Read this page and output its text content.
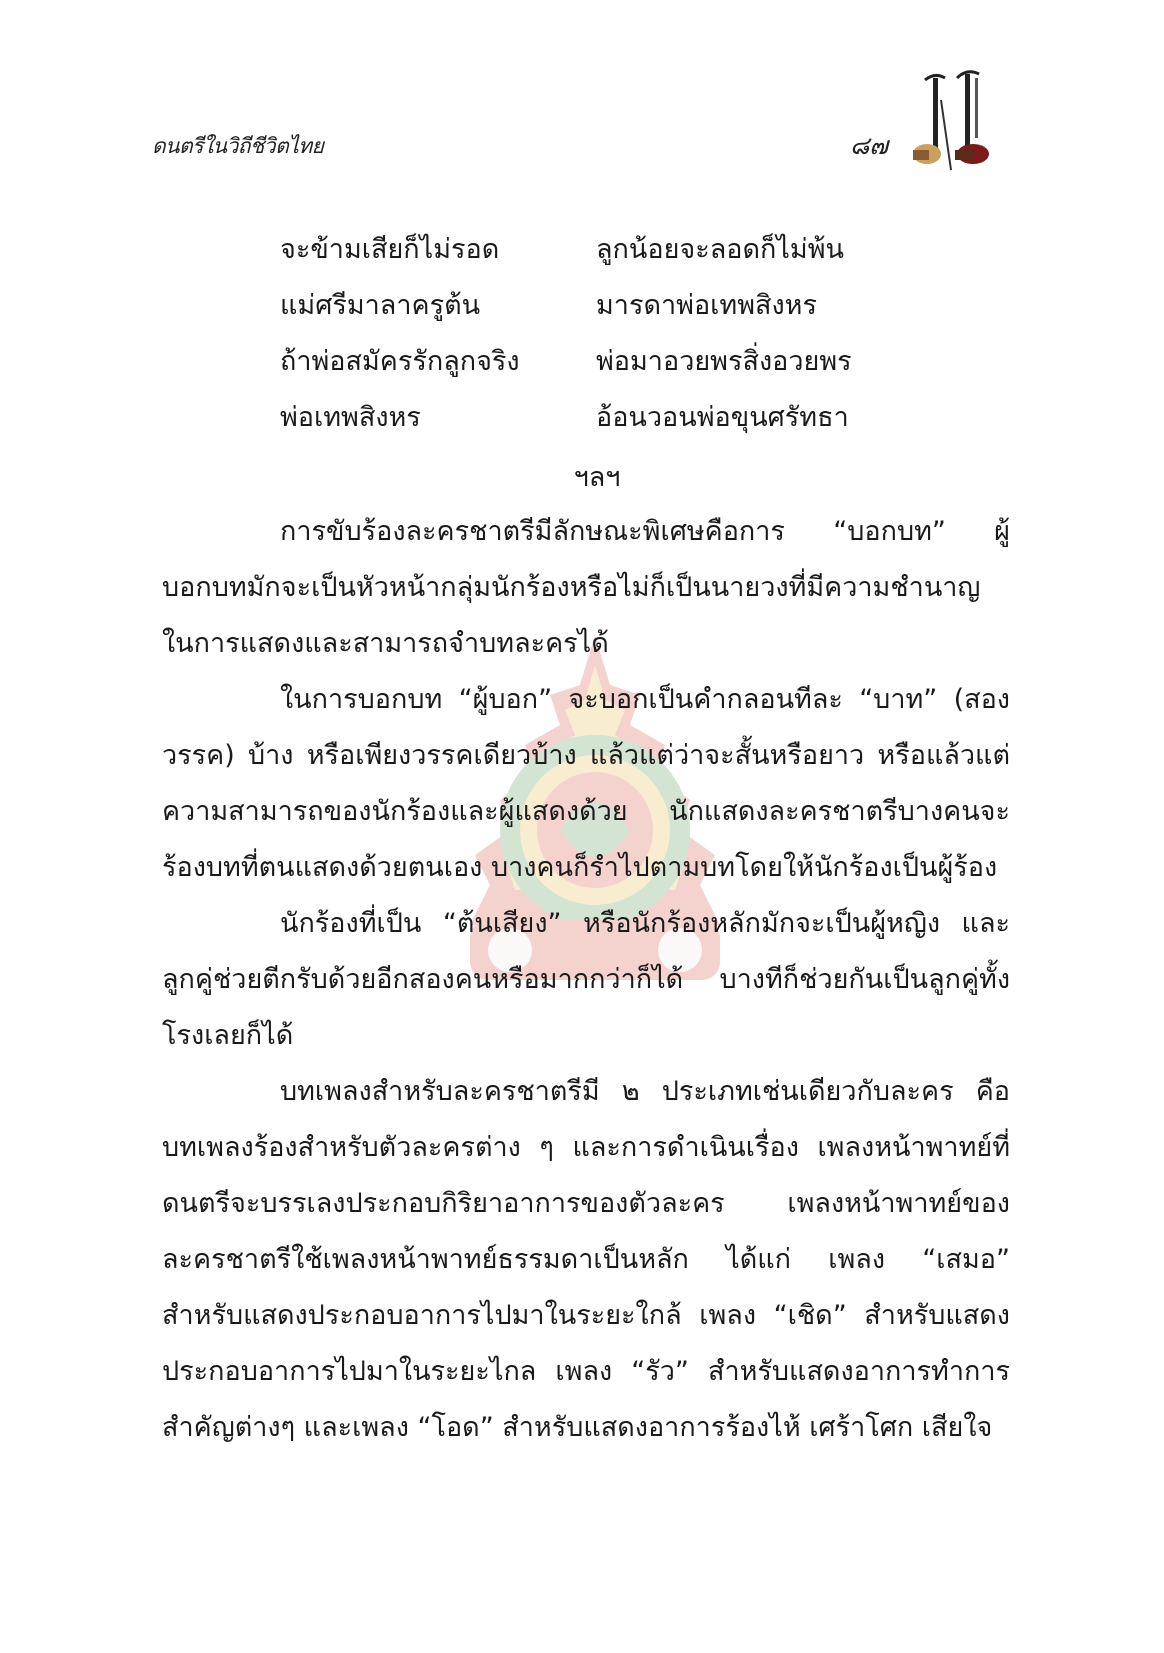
ดนตรีในวิถีชีวิตไทย	๘๗
จะข้ามเสียก็ไม่รอด	ลูกน้อยจะลอดก็ไม่พ้น
แม่ศรีมาลาครูต้น	มารดาพ่อเทพสิงหร
ถ้าพ่อสมัครรักลูกจริง	พ่อมาอวยพรสิ่งอวยพร
พ่อเทพสิงหร	อ้อนวอนพ่อขุนศรัทธา
ฯลฯ

การขับร้องละครชาตรีมีลักษณะพิเศษคือการ “บอกบท” ผู้บอกบทมักจะเป็นหัวหน้ากลุ่มนักร้องหรือไม่ก็เป็นนายวงที่มีความชำนาญในการแสดงและสามารถจำบทละครได้

ในการบอกบท “ผู้บอก” จะบอกเป็นคำกลอนทีละ “บาท” (สองวรรค) บ้าง หรือเพียงวรรคเดียวบ้าง แล้วแต่ว่าจะสั้นหรือยาว หรือแล้วแต่ความสามารถของนักร้องและผู้แสดงด้วย นักแสดงละครชาตรีบางคนจะร้องบทที่ตนแสดงด้วยตนเอง บางคนก็รำไปตามบทโดยให้นักร้องเป็นผู้ร้อง

นักร้องที่เป็น “ต้นเสียง” หรือนักร้องหลักมักจะเป็นผู้หญิง และลูกคู่ช่วยตีกรับด้วยอีกสองคนหรือมากกว่าก็ได้ บางทีก็ช่วยกันเป็นลูกคู่ทั้งโรงเลยก็ได้

บทเพลงสำหรับละครชาตรีมี ๒ ประเภทเช่นเดียวกับละคร คือบทเพลงร้องสำหรับตัวละครต่าง ๆ และการดำเนินเรื่อง เพลงหน้าพาทย์ที่ดนตรีจะบรรเลงประกอบกิริยาอาการของตัวละคร เพลงหน้าพาทย์ของละครชาตรีใช้เพลงหน้าพาทย์ธรรมดาเป็นหลัก ได้แก่ เพลง “เสมอ” สำหรับแสดงประกอบอาการไปมาในระยะใกล้ เพลง “เชิด” สำหรับแสดงประกอบอาการไปมาในระยะไกล เพลง “รัว” สำหรับแสดงอาการทำการสำคัญต่างๆ และเพลง “โอด” สำหรับแสดงอาการร้องไห้ เศร้าโศก เสียใจ
